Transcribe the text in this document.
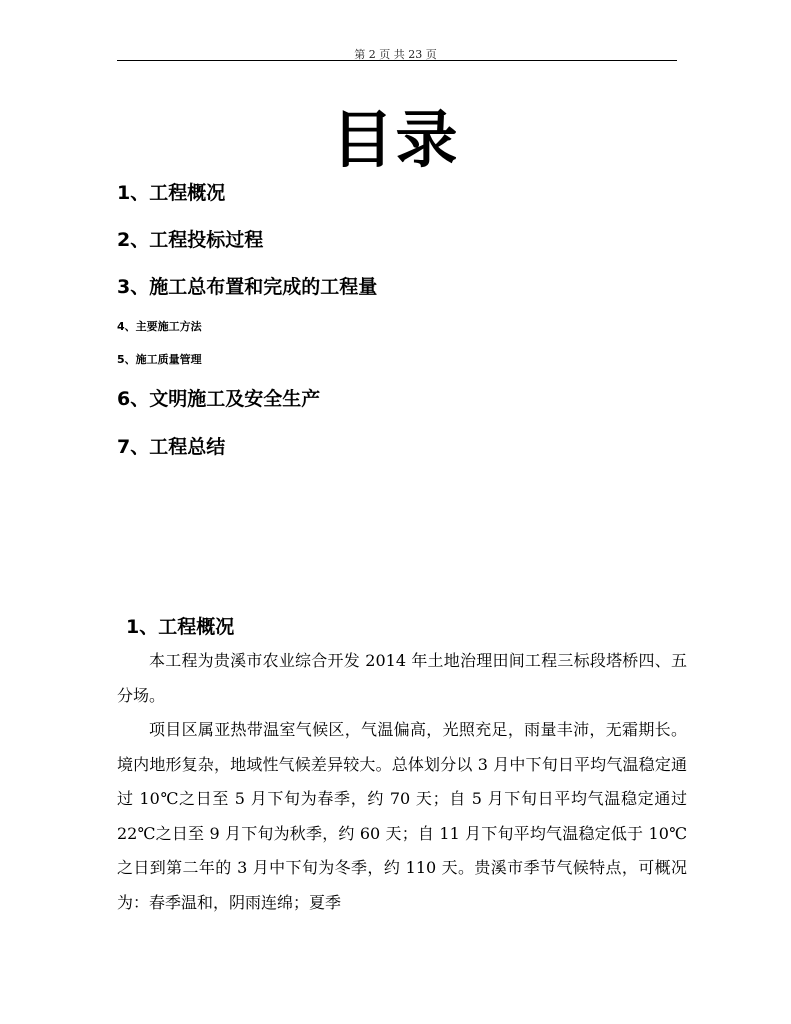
第 2 页 共 23 页
目录
1、工程概况
2、工程投标过程
3、施工总布置和完成的工程量
4、主要施工方法
5、施工质量管理
6、文明施工及安全生产
7、工程总结
1、工程概况

本工程为贵溪市农业综合开发 2014 年土地治理田间工程三标段塔桥四、五分场。

项目区属亚热带温室气候区，气温偏高，光照充足，雨量丰沛，无霜期长。境内地形复杂，地域性气候差异较大。总体划分以 3 月中下旬日平均气温稳定通过 10℃之日至 5 月下旬为春季，约 70 天；自 5 月下旬日平均气温稳定通过 22℃之日至 9 月下旬为秋季，约 60 天；自 11 月下旬平均气温稳定低于 10℃之日到第二年的 3 月中下旬为冬季，约 110 天。贵溪市季节气候特点，可概况为：春季温和，阴雨连绵；夏季
